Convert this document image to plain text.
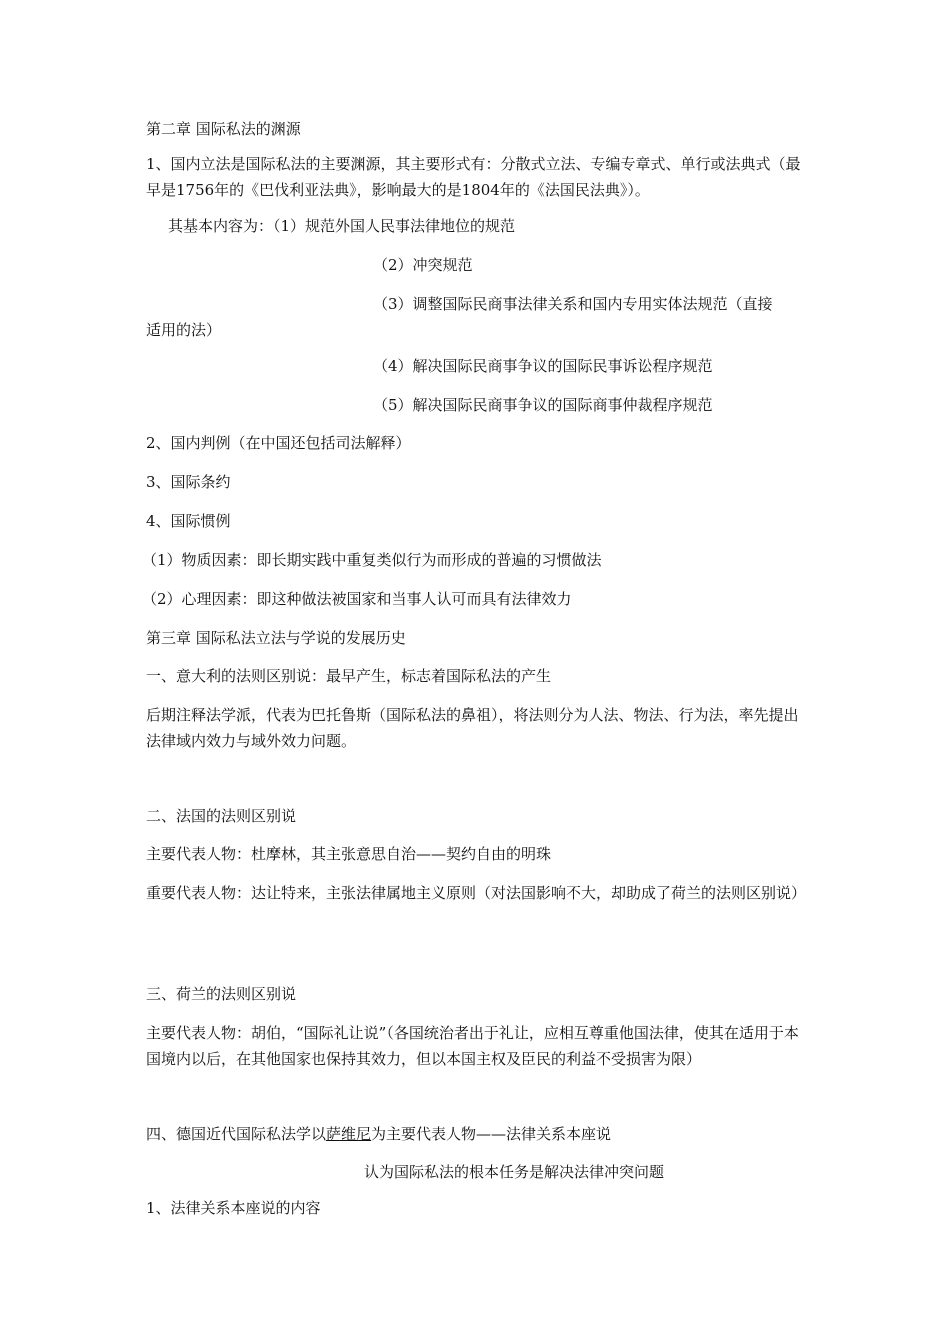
第二章 国际私法的渊源
1、国内立法是国际私法的主要渊源，其主要形式有：分散式立法、专编专章式、单行或法典式（最早是1756年的《巴伐利亚法典》，影响最大的是1804年的《法国民法典》）。
其基本内容为：（1）规范外国人民事法律地位的规范
（2）冲突规范
（3）调整国际民商事法律关系和国内专用实体法规范（直接
适用的法）
（4）解决国际民商事争议的国际民事诉讼程序规范
（5）解决国际民商事争议的国际商事仲裁程序规范
2、国内判例（在中国还包括司法解释）
3、国际条约
4、国际惯例
（1）物质因素：即长期实践中重复类似行为而形成的普遍的习惯做法
（2）心理因素：即这种做法被国家和当事人认可而具有法律效力
第三章 国际私法立法与学说的发展历史
一、意大利的法则区别说：最早产生，标志着国际私法的产生
后期注释法学派，代表为巴托鲁斯（国际私法的鼻祖），将法则分为人法、物法、行为法，率先提出法律域内效力与域外效力问题。
二、法国的法则区别说
主要代表人物：杜摩林，其主张意思自治——契约自由的明珠
重要代表人物：达让特来，主张法律属地主义原则（对法国影响不大，却助成了荷兰的法则区别说）
三、荷兰的法则区别说
主要代表人物：胡伯，“国际礼让说”（各国统治者出于礼让，应相互尊重他国法律，使其在适用于本国境内以后，在其他国家也保持其效力，但以本国主权及臣民的利益不受损害为限）
四、德国近代国际私法学以萨维尼为主要代表人物——法律关系本座说
认为国际私法的根本任务是解决法律冲突问题
1、法律关系本座说的内容
